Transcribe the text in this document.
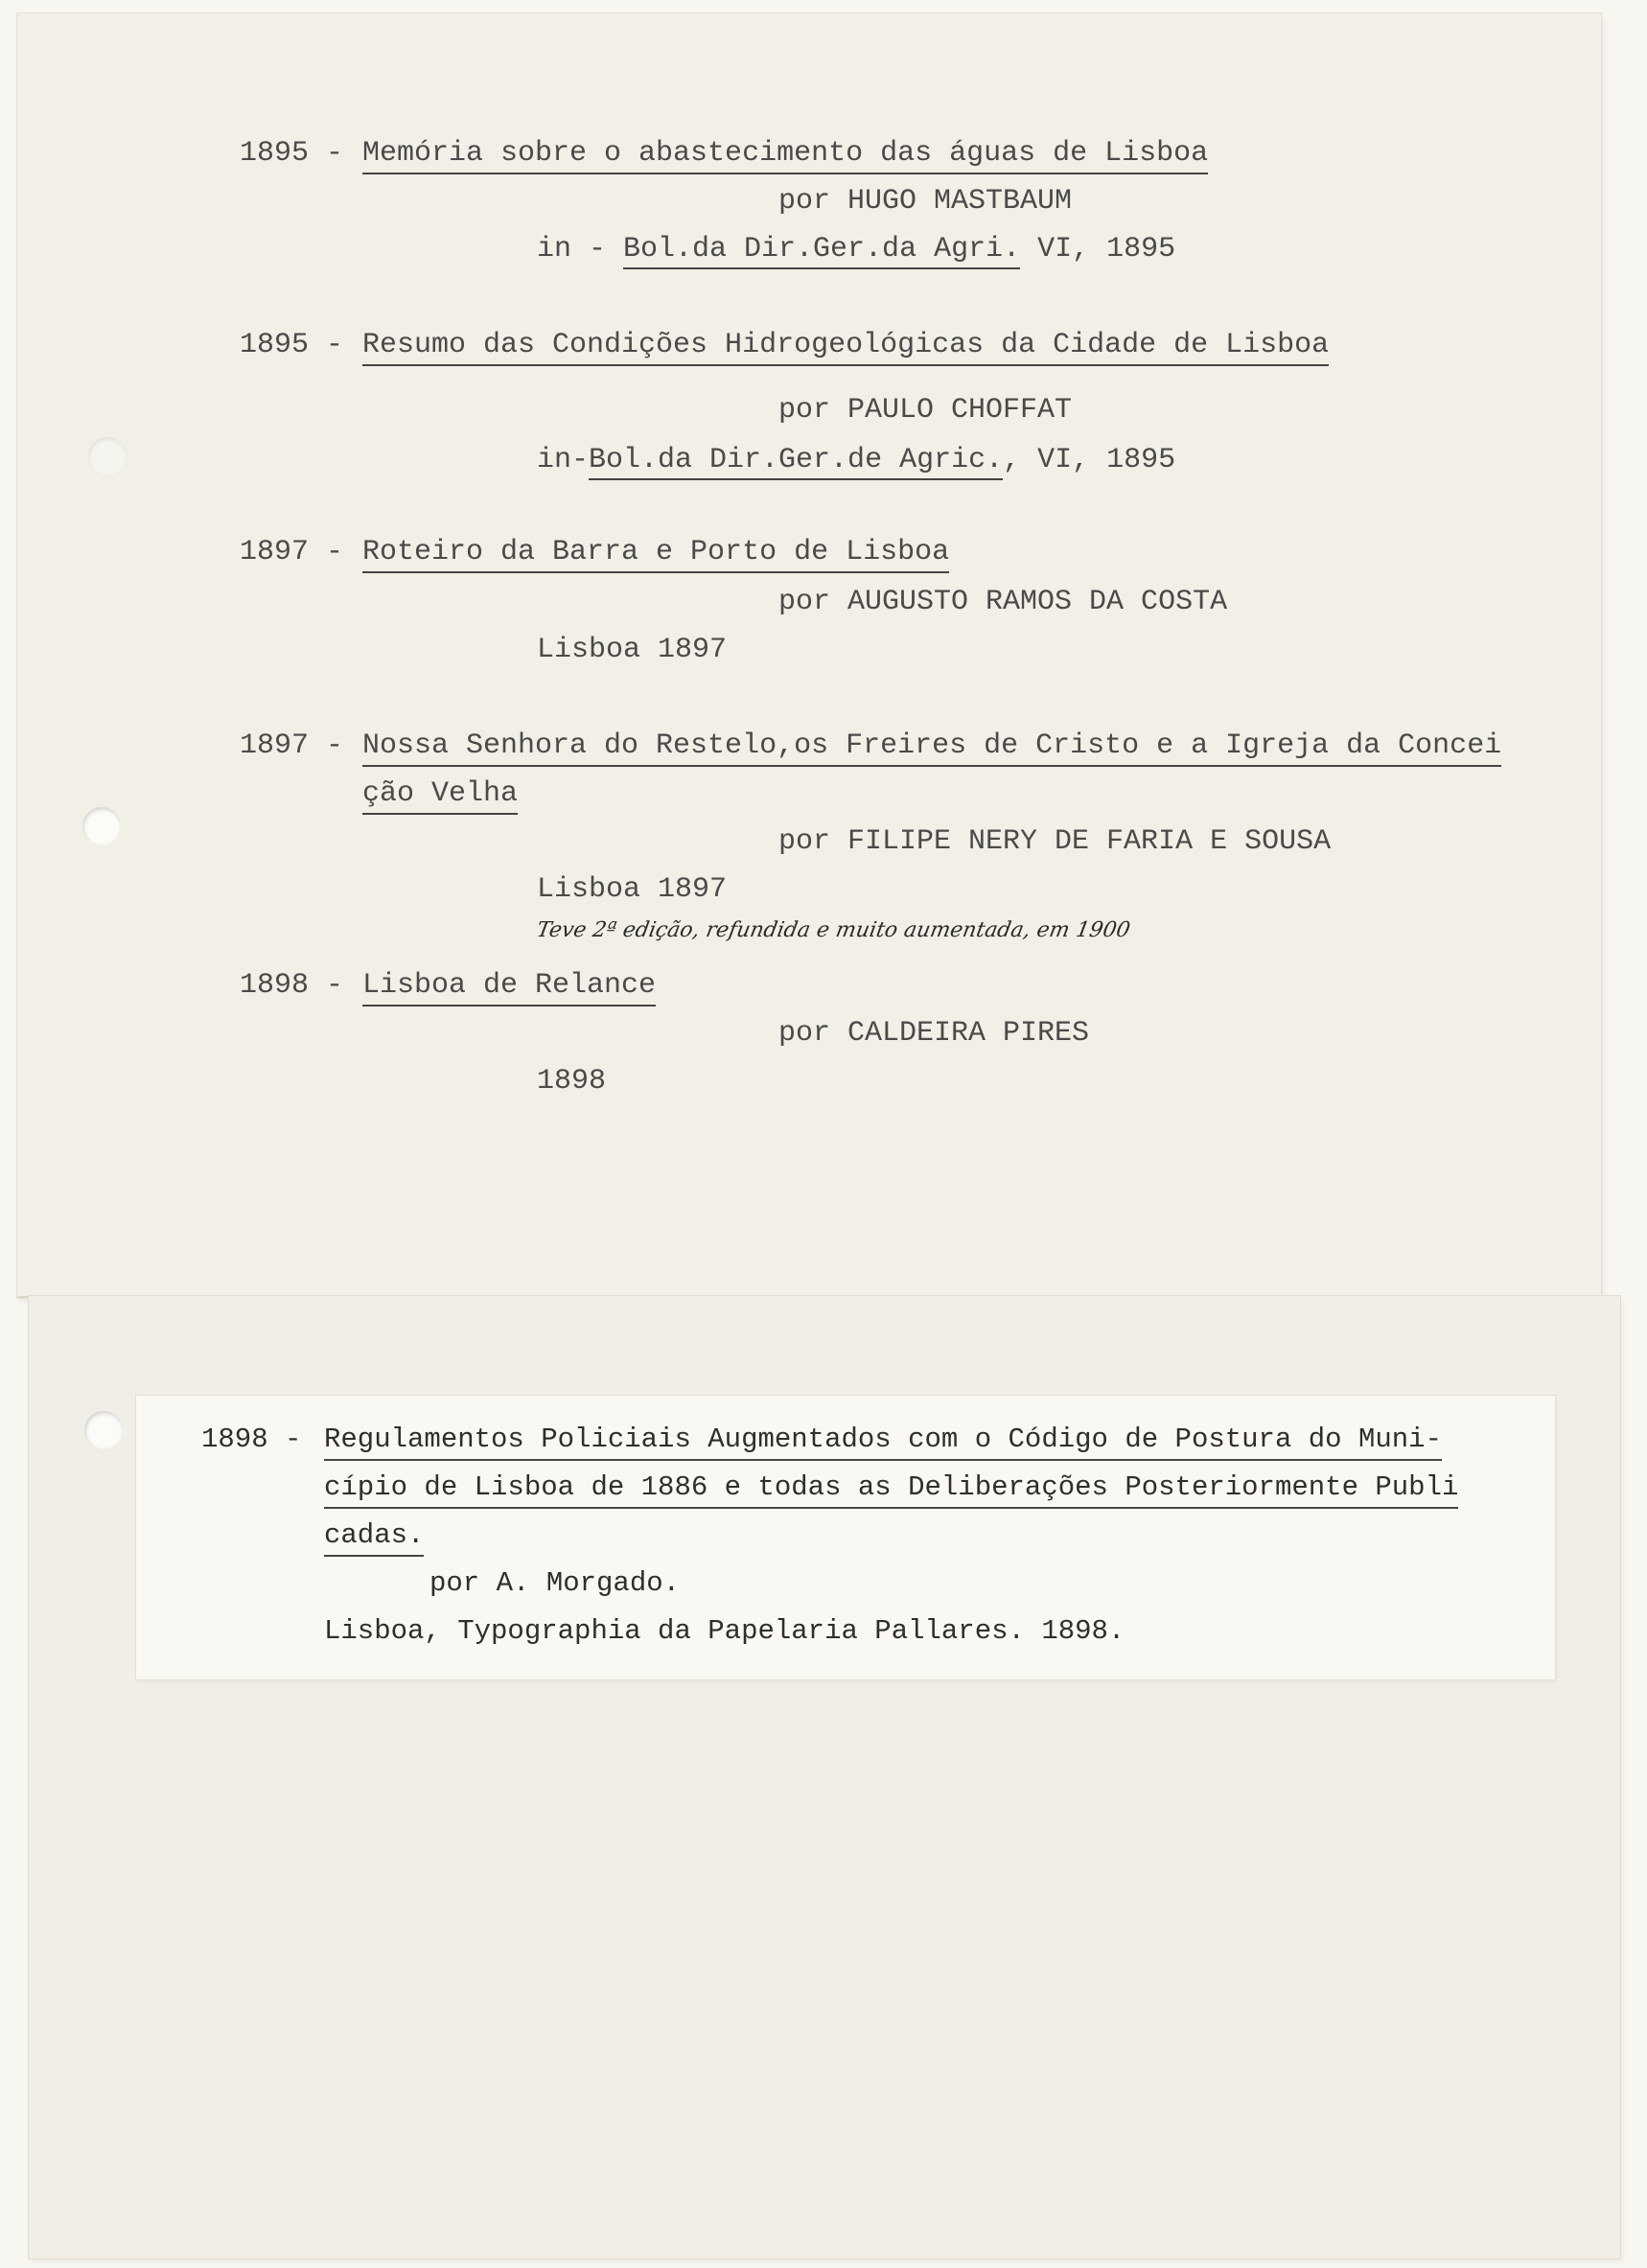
1895 - Memória sobre o abastecimento das águas de Lisboa
por HUGO MASTBAUM
in - Bol.da Dir.Ger.da Agri. VI, 1895
1895 - Resumo das Condições Hidrogeológicas da Cidade de Lisboa
por PAULO CHOFFAT
in-Bol.da Dir.Ger.de Agric., VI, 1895
1897 - Roteiro da Barra e Porto de Lisboa
por AUGUSTO RAMOS DA COSTA
Lisboa 1897
1897 - Nossa Senhora do Restelo,os Freires de Cristo e a Igreja da Concei
ção Velha
por FILIPE NERY DE FARIA E SOUSA
Lisboa 1897
Teve 2ª edição, refundida e muito aumentada, em 1900
1898 - Lisboa de Relance
por CALDEIRA PIRES
1898
1898 - Regulamentos Policiais Augmentados com o Código de Postura do Muni-
cípio de Lisboa de 1886 e todas as Deliberações Posteriormente Publi
cadas.
por A. Morgado.
Lisboa, Typographia da Papelaria Pallares. 1898.
